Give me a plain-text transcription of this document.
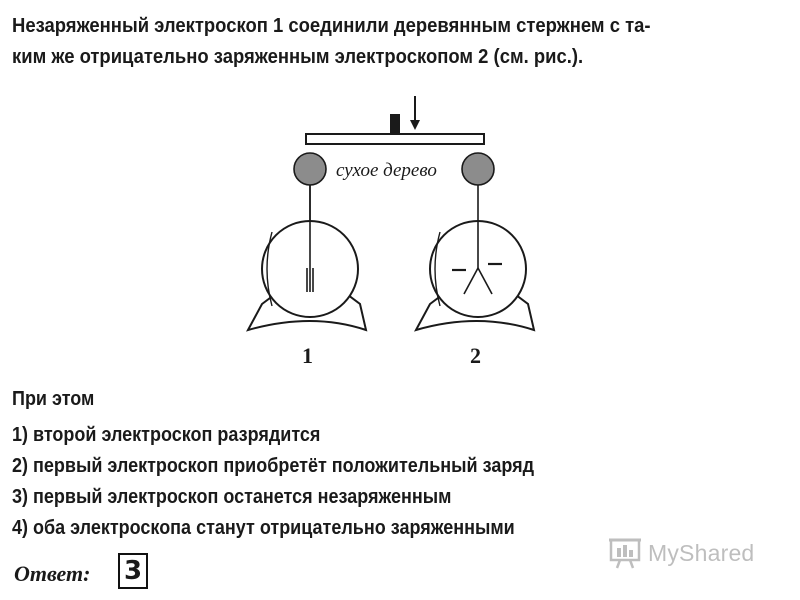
Незаряженный электроскоп 1 соединили деревянным стержнем с та-
ким же отрицательно заряженным электроскопом 2 (см. рис.).
сухое дерево
1	2
При этом
1) второй электроскоп разрядится
2) первый электроскоп приобретёт положительный заряд
3) первый электроскоп останется незаряженным
4) оба электроскопа станут отрицательно заряженными
Ответ: 3
MyShared
